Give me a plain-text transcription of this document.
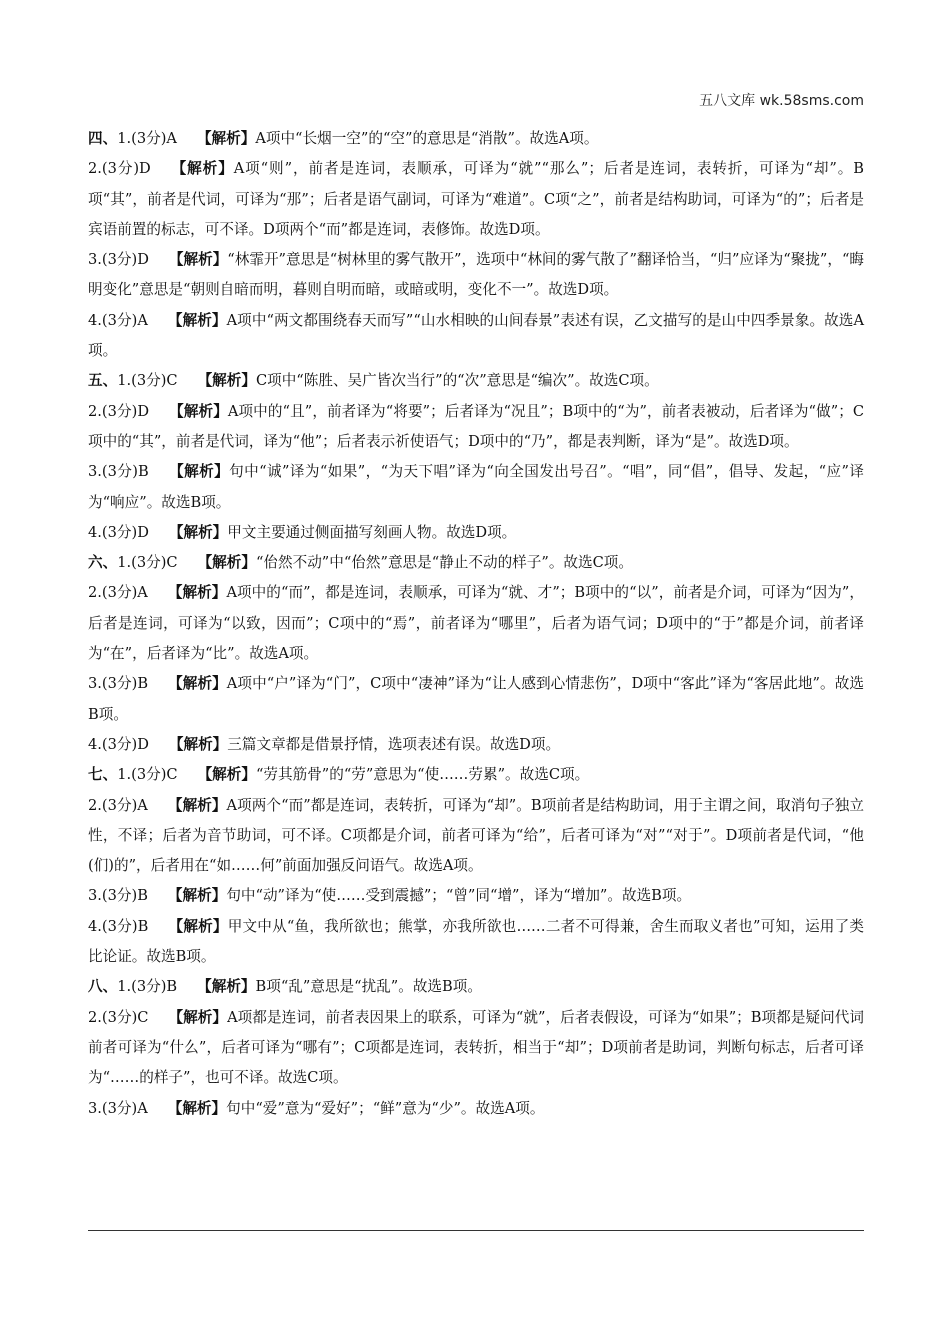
五八文库 wk.58sms.com

四、1.(3分)A 【解析】A项中“长烟一空”的“空”的意思是“消散”。故选A项。

2.(3分)D 【解析】A项“则”，前者是连词，表顺承，可译为“就”“那么”；后者是连词，表转折，可译为“却”。B项“其”，前者是代词，可译为“那”；后者是语气副词，可译为“难道”。C项“之”，前者是结构助词，可译为“的”；后者是宾语前置的标志，可不译。D项两个“而”都是连词，表修饰。故选D项。

3.(3分)D 【解析】“林霏开”意思是“树林里的雾气散开”，选项中“林间的雾气散了”翻译恰当，“归”应译为“聚拢”，“晦明变化”意思是“朝则自暗而明，暮则自明而暗，或暗或明，变化不一”。故选D项。

4.(3分)A 【解析】A项中“两文都围绕春天而写”“山水相映的山间春景”表述有误，乙文描写的是山中四季景象。故选A项。

五、1.(3分)C 【解析】C项中“陈胜、吴广皆次当行”的“次”意思是“编次”。故选C项。

2.(3分)D 【解析】A项中的“且”，前者译为“将要”；后者译为“况且”；B项中的“为”，前者表被动，后者译为“做”；C项中的“其”，前者是代词，译为“他”；后者表示祈使语气；D项中的“乃”，都是表判断，译为“是”。故选D项。

3.(3分)B 【解析】句中“诚”译为“如果”，“为天下唱”译为“向全国发出号召”。“唱”，同“倡”，倡导、发起，“应”译为“响应”。故选B项。

4.(3分)D 【解析】甲文主要通过侧面描写刻画人物。故选D项。

六、1.(3分)C 【解析】“佁然不动”中“佁然”意思是“静止不动的样子”。故选C项。

2.(3分)A 【解析】A项中的“而”，都是连词，表顺承，可译为“就、才”；B项中的“以”，前者是介词，可译为“因为”，后者是连词，可译为“以致，因而”；C项中的“焉”，前者译为“哪里”，后者为语气词；D项中的“于”都是介词，前者译为“在”，后者译为“比”。故选A项。

3.(3分)B 【解析】A项中“户”译为“门”，C项中“凄神”译为“让人感到心情悲伤”，D项中“客此”译为“客居此地”。故选B项。

4.(3分)D 【解析】三篇文章都是借景抒情，选项表述有误。故选D项。

七、1.(3分)C 【解析】“劳其筋骨”的“劳”意思为“使……劳累”。故选C项。

2.(3分)A 【解析】A项两个“而”都是连词，表转折，可译为“却”。B项前者是结构助词，用于主谓之间，取消句子独立性，不译；后者为音节助词，可不译。C项都是介词，前者可译为“给”，后者可译为“对”“对于”。D项前者是代词，“他(们)的”，后者用在“如……何”前面加强反问语气。故选A项。

3.(3分)B 【解析】句中“动”译为“使……受到震撼”；“曾”同“增”，译为“增加”。故选B项。

4.(3分)B 【解析】甲文中从“鱼，我所欲也；熊掌，亦我所欲也……二者不可得兼，舍生而取义者也”可知，运用了类比论证。故选B项。

八、1.(3分)B 【解析】B项“乱”意思是“扰乱”。故选B项。

2.(3分)C 【解析】A项都是连词，前者表因果上的联系，可译为“就”，后者表假设，可译为“如果”；B项都是疑问代词前者可译为“什么”，后者可译为“哪有”；C项都是连词，表转折，相当于“却”；D项前者是助词，判断句标志，后者可译为“……的样子”，也可不译。故选C项。

3.(3分)A 【解析】句中“爱”意为“爱好”；“鲜”意为“少”。故选A项。
